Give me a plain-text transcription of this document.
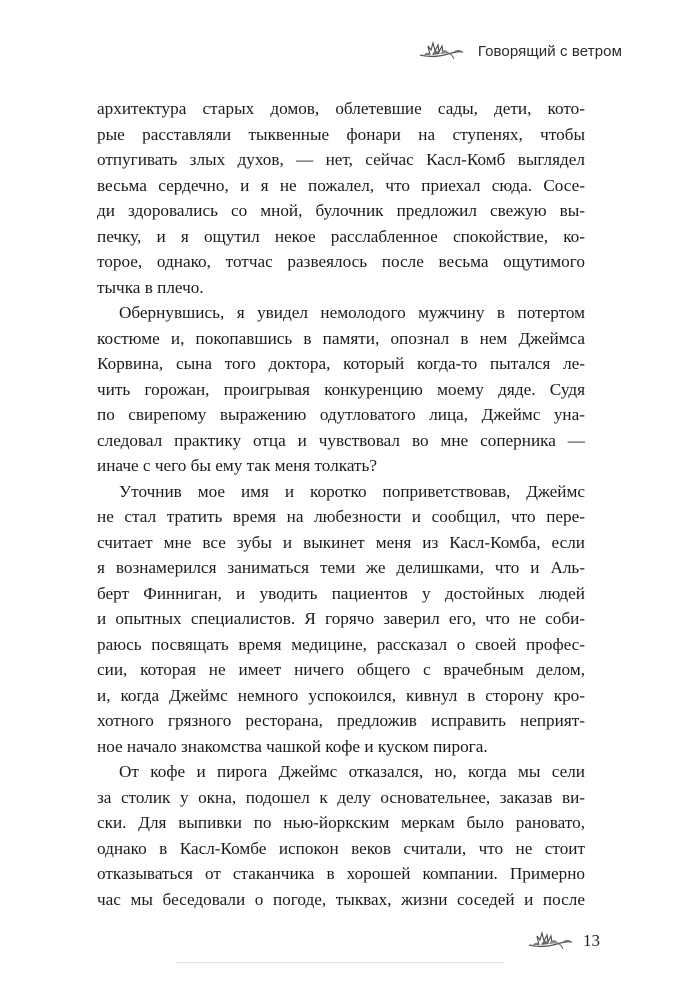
Говорящий с ветром
архитектура старых домов, облетевшие сады, дети, кото-
рые расставляли тыквенные фонари на ступенях, чтобы
отпугивать злых духов, — нет, сейчас Касл-Комб выглядел
весьма сердечно, и я не пожалел, что приехал сюда. Сосе-
ди здоровались со мной, булочник предложил свежую вы-
печку, и я ощутил некое расслабленное спокойствие, ко-
торое, однако, тотчас развеялось после весьма ощутимого
тычка в плечо.
Обернувшись, я увидел немолодого мужчину в потертом
костюме и, покопавшись в памяти, опознал в нем Джеймса
Корвина, сына того доктора, который когда-то пытался ле-
чить горожан, проигрывая конкуренцию моему дяде. Судя
по свирепому выражению одутловатого лица, Джеймс уна-
следовал практику отца и чувствовал во мне соперника —
иначе с чего бы ему так меня толкать?
Уточнив мое имя и коротко поприветствовав, Джеймс
не стал тратить время на любезности и сообщил, что пере-
считает мне все зубы и выкинет меня из Касл-Комба, если
я вознамерился заниматься теми же делишками, что и Аль-
берт Финниган, и уводить пациентов у достойных людей
и опытных специалистов. Я горячо заверил его, что не соби-
раюсь посвящать время медицине, рассказал о своей профес-
сии, которая не имеет ничего общего с врачебным делом,
и, когда Джеймс немного успокоился, кивнул в сторону кро-
хотного грязного ресторана, предложив исправить неприят-
ное начало знакомства чашкой кофе и куском пирога.
От кофе и пирога Джеймс отказался, но, когда мы сели
за столик у окна, подошел к делу основательнее, заказав ви-
ски. Для выпивки по нью-йоркским меркам было рановато,
однако в Касл-Комбе испокон веков считали, что не стоит
отказываться от стаканчика в хорошей компании. Примерно
час мы беседовали о погоде, тыквах, жизни соседей и после
13
